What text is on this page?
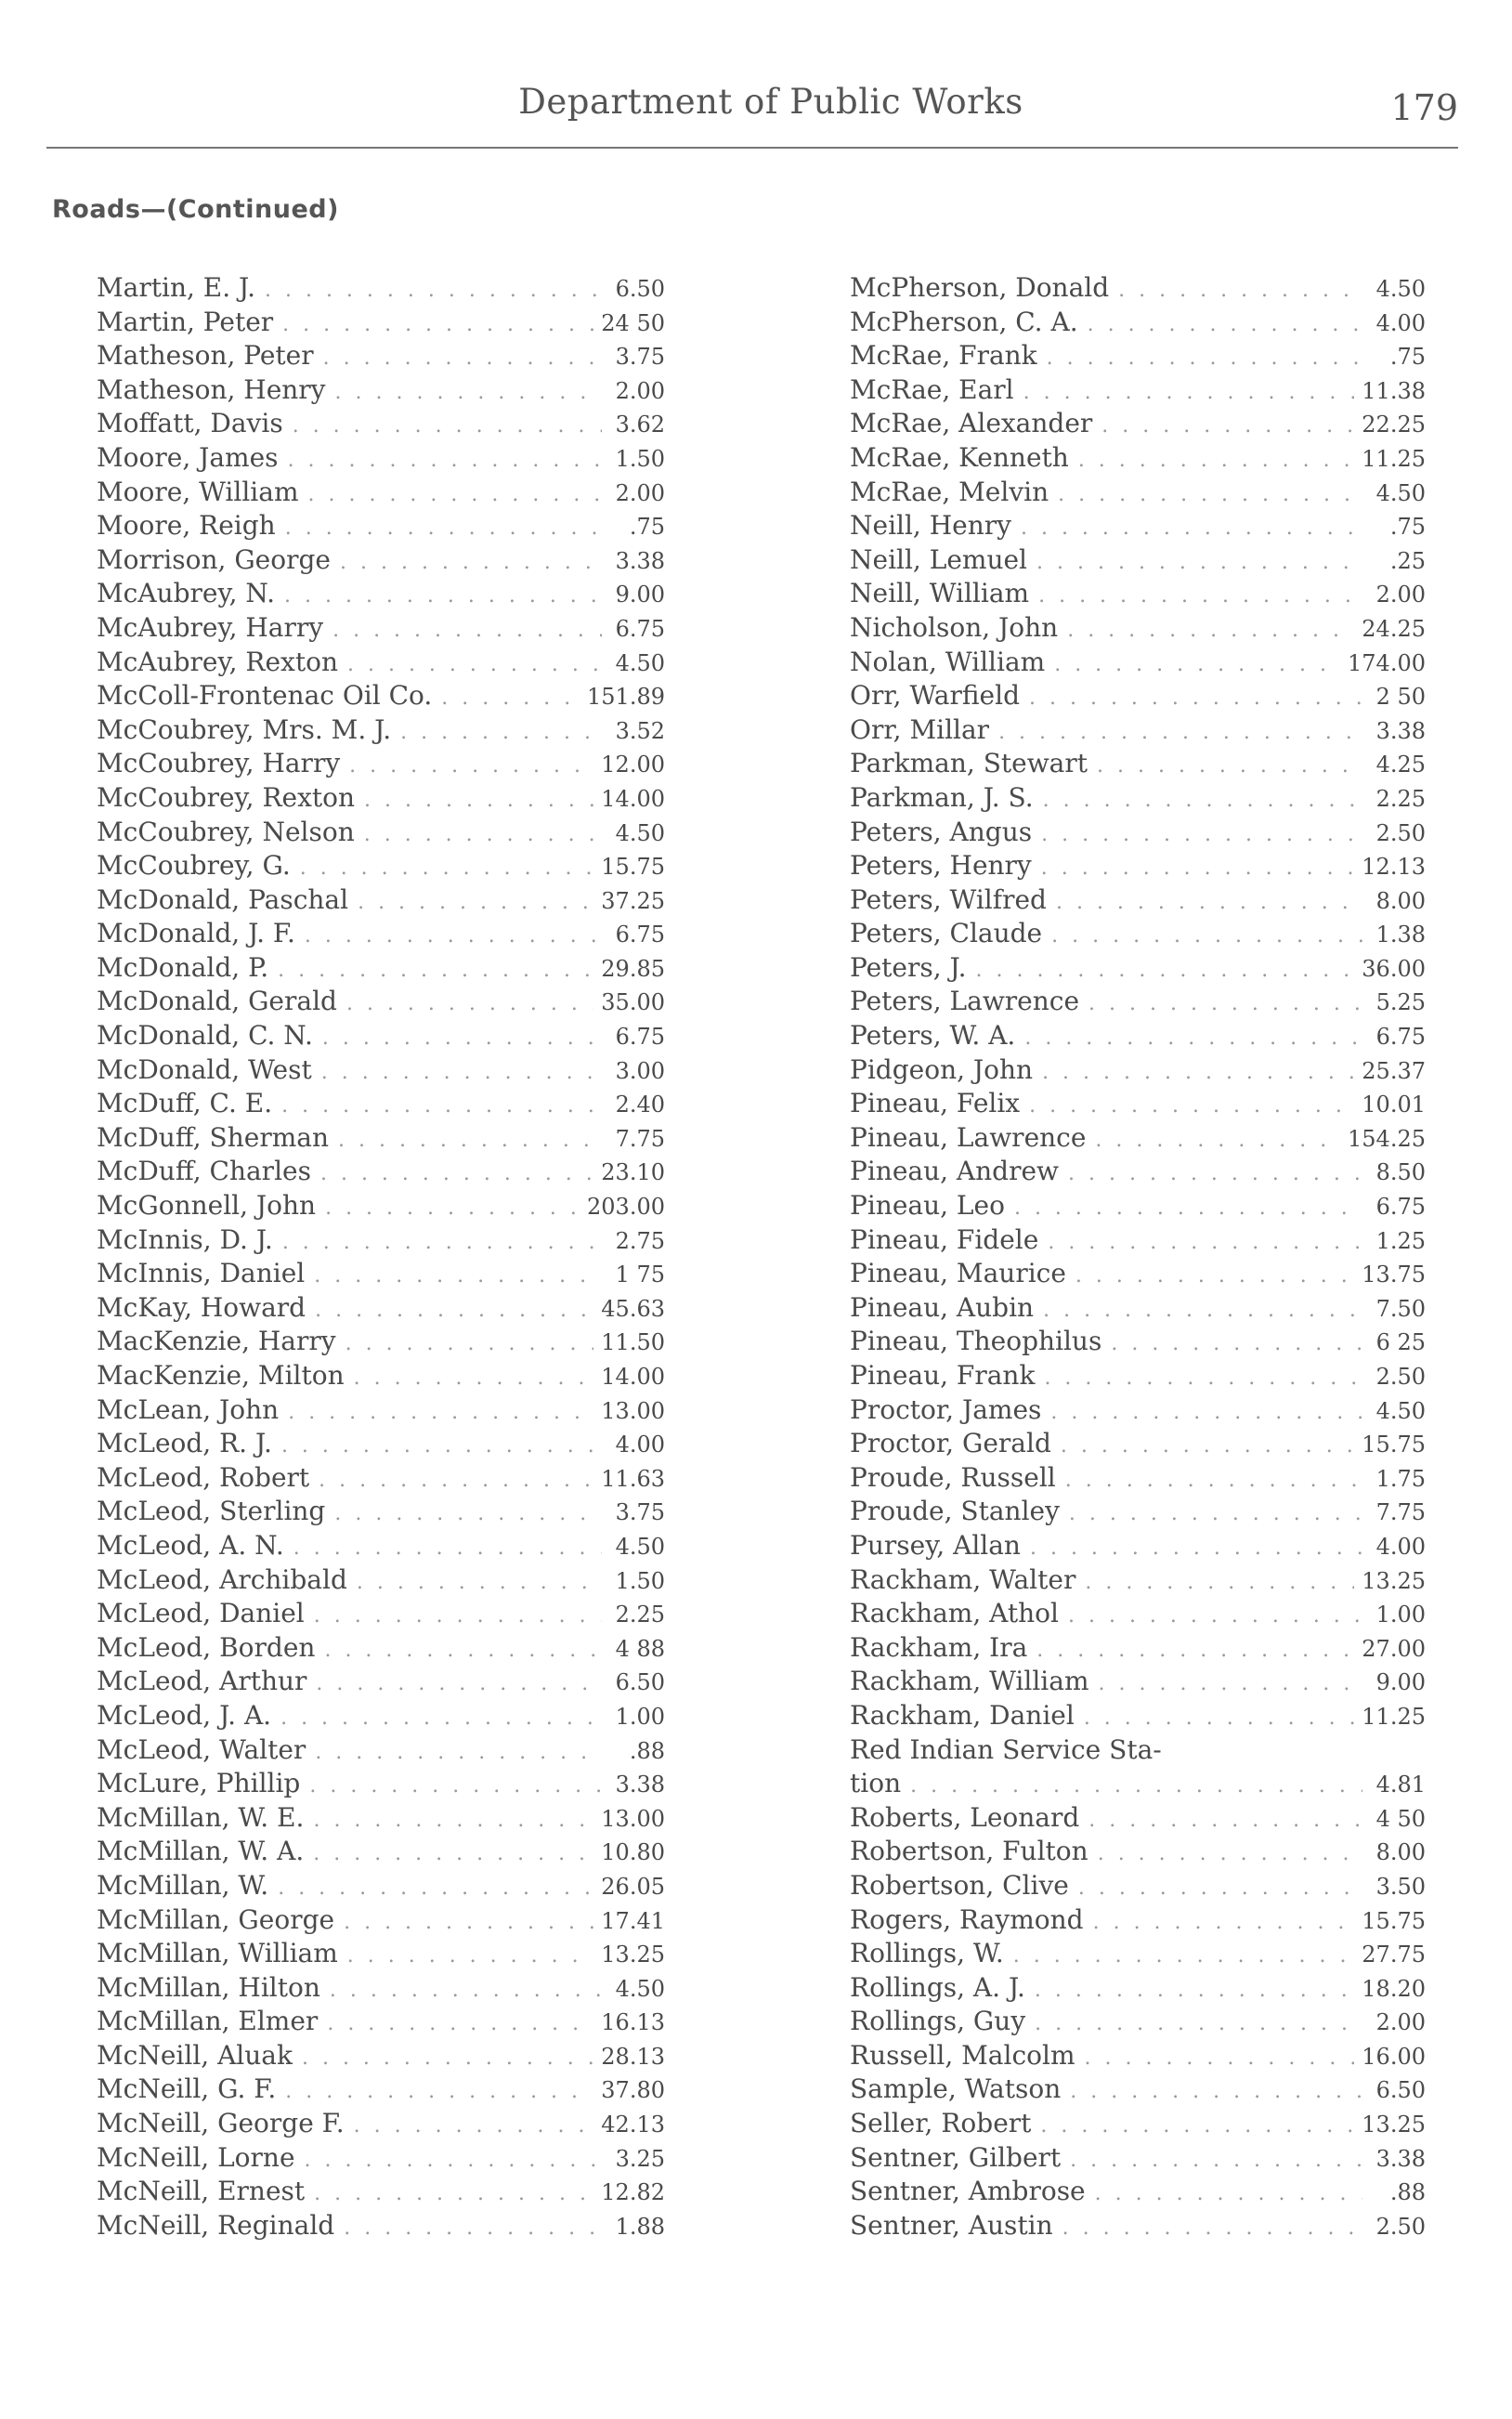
Department of Public Works	179
Roads—(Continued)
Martin, E. J. . . .	6.50
Martin, Peter . . .	24 50
Matheson, Peter . . .	3.75
Matheson, Henry . . .	2.00
Moffatt, Davis . . .	3.62
Moore, James . . .	1.50
Moore, William . . .	2.00
Moore, Reigh . . .	.75
Morrison, George . . .	3.38
McAubrey, N. . . .	9.00
McAubrey, Harry . . .	6.75
McAubrey, Rexton . . .	4.50
McColl-Frontenac Oil Co. . . .	151.89
McCoubrey, Mrs. M. J. . . .	3.52
McCoubrey, Harry . . .	12.00
McCoubrey, Rexton . . .	14.00
McCoubrey, Nelson . . .	4.50
McCoubrey, G. . . .	15.75
McDonald, Paschal . . .	37.25
McDonald, J. F. . . .	6.75
McDonald, P. . . .	29.85
McDonald, Gerald . . .	35.00
McDonald, C. N. . . .	6.75
McDonald, West . . .	3.00
McDuff, C. E. . . .	2.40
McDuff, Sherman . . .	7.75
McDuff, Charles . . .	23.10
McGonnell, John . . .	203.00
McInnis, D. J. . . .	2.75
McInnis, Daniel . . .	1 75
McKay, Howard . . .	45.63
MacKenzie, Harry . . .	11.50
MacKenzie, Milton . . .	14.00
McLean, John . . .	13.00
McLeod, R. J. . . .	4.00
McLeod, Robert . . .	11.63
McLeod, Sterling . . .	3.75
McLeod, A. N. . . .	4.50
McLeod, Archibald . . .	1.50
McLeod, Daniel . . .	2.25
McLeod, Borden . . .	4 88
McLeod, Arthur . . .	6.50
McLeod, J. A. . . .	1.00
McLeod, Walter . . .	.88
McLure, Phillip . . .	3.38
McMillan, W. E. . . .	13.00
McMillan, W. A. . . .	10.80
McMillan, W. . . .	26.05
McMillan, George . . .	17.41
McMillan, William . . .	13.25
McMillan, Hilton . . .	4.50
McMillan, Elmer . . .	16.13
McNeill, Aluak . . .	28.13
McNeill, G. F. . . .	37.80
McNeill, George F. . . .	42.13
McNeill, Lorne . . .	3.25
McNeill, Ernest . . .	12.82
McNeill, Reginald . . .	1.88
McPherson, Donald . . .	4.50
McPherson, C. A. . . .	4.00
McRae, Frank . . .	.75
McRae, Earl . . .	11.38
McRae, Alexander . . .	22.25
McRae, Kenneth . . .	11.25
McRae, Melvin . . .	4.50
Neill, Henry . . .	.75
Neill, Lemuel . . .	.25
Neill, William . . .	2.00
Nicholson, John . . .	24.25
Nolan, William . . .	174.00
Orr, Warfield . . .	2 50
Orr, Millar . . .	3.38
Parkman, Stewart . . .	4.25
Parkman, J. S. . . .	2.25
Peters, Angus . . .	2.50
Peters, Henry . . .	12.13
Peters, Wilfred . . .	8.00
Peters, Claude . . .	1.38
Peters, J. . . .	36.00
Peters, Lawrence . . .	5.25
Peters, W. A. . . .	6.75
Pidgeon, John . . .	25.37
Pineau, Felix . . .	10.01
Pineau, Lawrence . . .	154.25
Pineau, Andrew . . .	8.50
Pineau, Leo . . .	6.75
Pineau, Fidele . . .	1.25
Pineau, Maurice . . .	13.75
Pineau, Aubin . . .	7.50
Pineau, Theophilus . . .	6 25
Pineau, Frank . . .	2.50
Proctor, James . . .	4.50
Proctor, Gerald . . .	15.75
Proude, Russell . . .	1.75
Proude, Stanley . . .	7.75
Pursey, Allan . . .	4.00
Rackham, Walter . . .	13.25
Rackham, Athol . . .	1.00
Rackham, Ira . . .	27.00
Rackham, William . . .	9.00
Rackham, Daniel . . .	11.25
Red Indian Service Sta-
tion . . .	4.81
Roberts, Leonard . . .	4 50
Robertson, Fulton . . .	8.00
Robertson, Clive . . .	3.50
Rogers, Raymond . . .	15.75
Rollings, W. . . .	27.75
Rollings, A. J. . . .	18.20
Rollings, Guy . . .	2.00
Russell, Malcolm . . .	16.00
Sample, Watson . . .	6.50
Seller, Robert . . .	13.25
Sentner, Gilbert . . .	3.38
Sentner, Ambrose . . .	.88
Sentner, Austin . . .	2.50
